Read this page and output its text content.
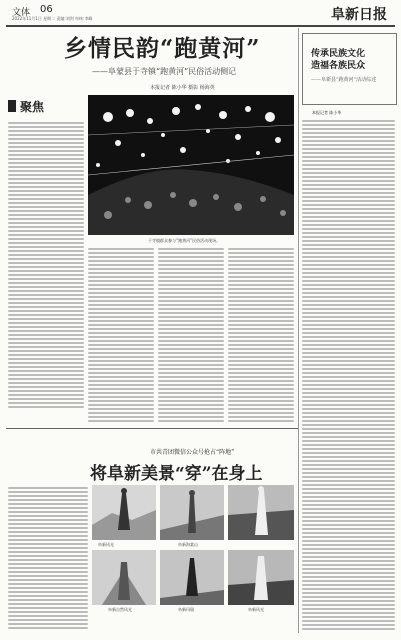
文体 06
2022年11月1日 星期二 责编:刘剑 审核:李峰	阜新日报
乡情民韵“跑黄河”
——阜蒙县于寺镇“跑黄河”民俗活动侧记
本报记者 陈小华 摄影 杨海英
聚焦
于寺镇群众参与“跑黄河”民俗活动现场。
传承民族文化
造福各族民众
——阜新县“跑黄河”活动综述
本报记者 陈小华
市共青团微信公众号抢占“阵地”
将阜新美景“穿”在身上
阜新风光	阜新海棠山
阜新自然风光	阜新玛瑙	阜新风光
